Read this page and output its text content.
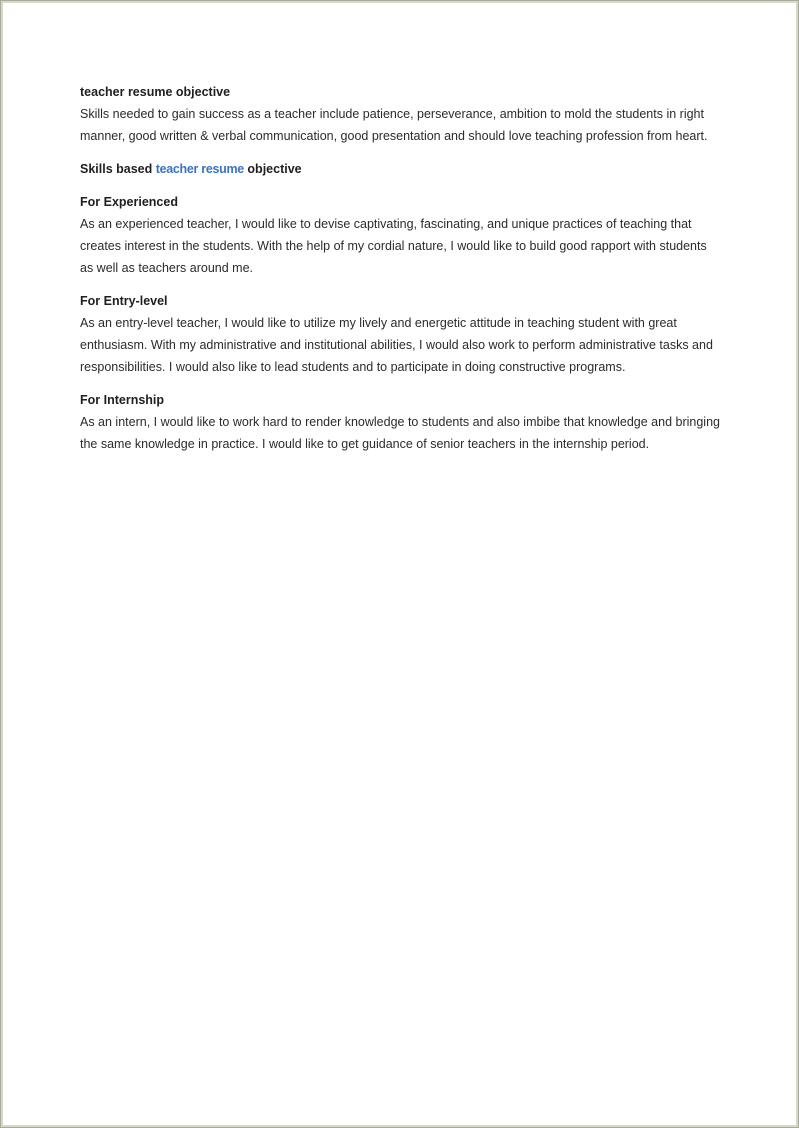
teacher resume objective

Skills needed to gain success as a teacher include patience, perseverance, ambition to mold the students in right manner, good written & verbal communication, good presentation and should love teaching profession from heart.

Skills based teacher resume objective
For Experienced

As an experienced teacher, I would like to devise captivating, fascinating, and unique practices of teaching that creates interest in the students. With the help of my cordial nature, I would like to build good rapport with students as well as teachers around me.

For Entry-level

As an entry-level teacher, I would like to utilize my lively and energetic attitude in teaching student with great enthusiasm. With my administrative and institutional abilities, I would also work to perform administrative tasks and responsibilities. I would also like to lead students and to participate in doing constructive programs.

For Internship

As an intern, I would like to work hard to render knowledge to students and also imbibe that knowledge and bringing the same knowledge in practice. I would like to get guidance of senior teachers in the internship period.
